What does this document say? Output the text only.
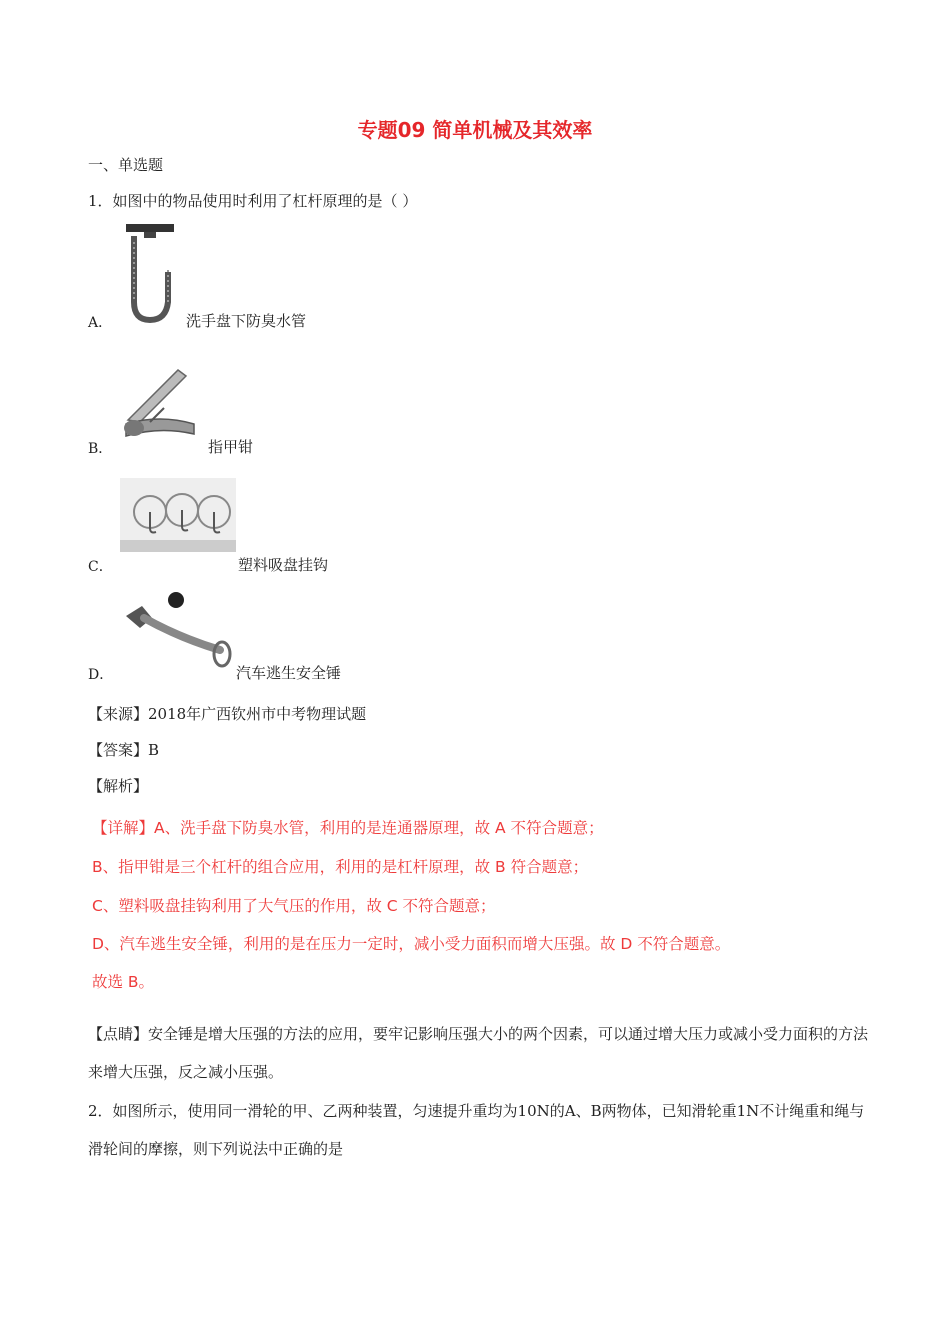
专题09 简单机械及其效率
一、单选题
1．如图中的物品使用时利用了杠杆原理的是（ ）
A．	洗手盘下防臭水管
B．	指甲钳
C．	塑料吸盘挂钩
D．	汽车逃生安全锤
【来源】2018年广西钦州市中考物理试题
【答案】B
【解析】
【详解】A、洗手盘下防臭水管，利用的是连通器原理，故 A 不符合题意；
B、指甲钳是三个杠杆的组合应用，利用的是杠杆原理，故 B 符合题意；
C、塑料吸盘挂钩利用了大气压的作用，故 C 不符合题意；
D、汽车逃生安全锤，利用的是在压力一定时，减小受力面积而增大压强。故 D 不符合题意。
故选 B。
【点睛】安全锤是增大压强的方法的应用，要牢记影响压强大小的两个因素，可以通过增大压力或减小受力面积的方法来增大压强，反之减小压强。
2．如图所示，使用同一滑轮的甲、乙两种装置，匀速提升重均为10N的A、B两物体，已知滑轮重1N不计绳重和绳与滑轮间的摩擦，则下列说法中正确的是
